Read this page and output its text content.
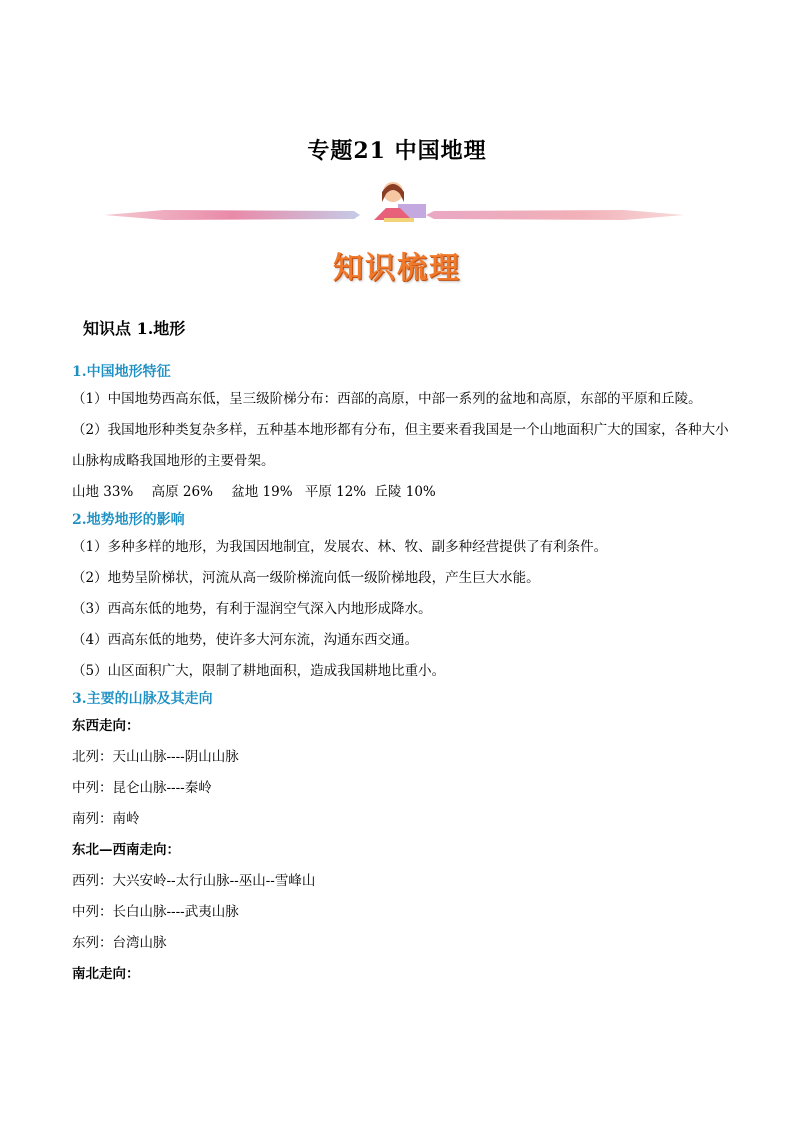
专题21 中国地理
知识梳理
知识点 1.地形
1.中国地形特征
（1）中国地势西高东低，呈三级阶梯分布：西部的高原，中部一系列的盆地和高原，东部的平原和丘陵。
（2）我国地形种类复杂多样，五种基本地形都有分布，但主要来看我国是一个山地面积广大的国家，各种大小山脉构成略我国地形的主要骨架。
山地 33% 高原 26% 盆地 19% 平原 12% 丘陵 10%
2.地势地形的影响
（1）多种多样的地形，为我国因地制宜，发展农、林、牧、副多种经营提供了有利条件。
（2）地势呈阶梯状，河流从高一级阶梯流向低一级阶梯地段，产生巨大水能。
（3）西高东低的地势，有利于湿润空气深入内地形成降水。
（4）西高东低的地势，使许多大河东流，沟通东西交通。
（5）山区面积广大，限制了耕地面积，造成我国耕地比重小。
3.主要的山脉及其走向
东西走向：
北列：天山山脉----阴山山脉
中列：昆仑山脉----秦岭
南列：南岭
东北—西南走向：
西列：大兴安岭--太行山脉--巫山--雪峰山
中列：长白山脉----武夷山脉
东列：台湾山脉
南北走向：
